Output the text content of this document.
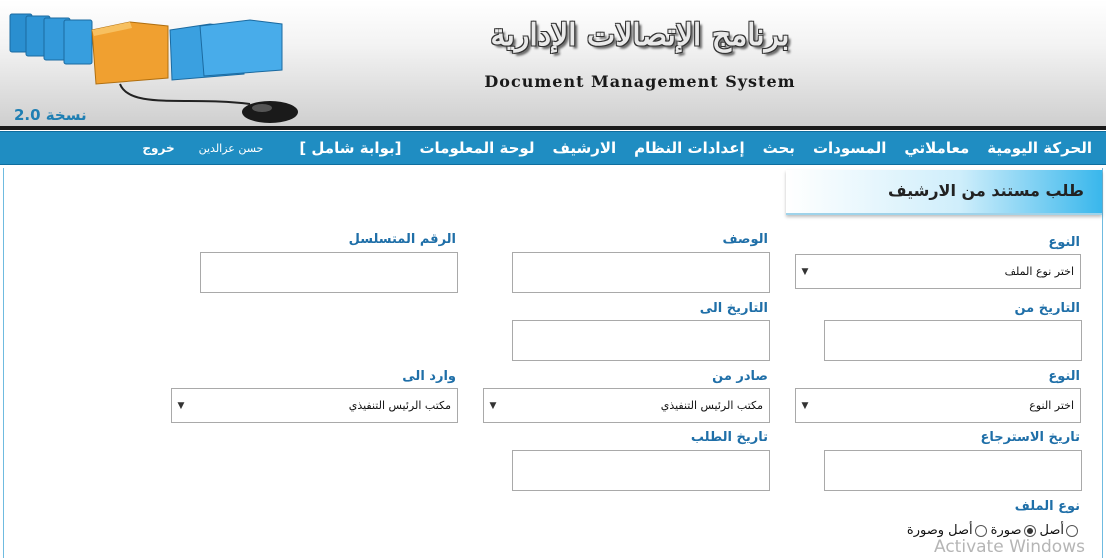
نسخة 2.0
برنامج الإتصالات الإدارية
Document Management System
الحركة اليومية
معاملاتي
المسودات
بحث
إعدادات النظام
الارشيف
لوحة المعلومات
[بوابة شامل ]
حسن عزالدين
خروج
طلب مستند من الارشيف
النوع
اختر نوع الملف
▼
الوصف
الرقم المتسلسل
التاريخ من
التاريخ الى
النوع
اختر النوع
▼
صادر من
مكتب الرئيس التنفيذي
▼
وارد الى
مكتب الرئيس التنفيذي
▼
تاريخ الاسترجاع
تاريخ الطلب
نوع الملف
أصل
صورة
أصل وصورة
Activate Windows
